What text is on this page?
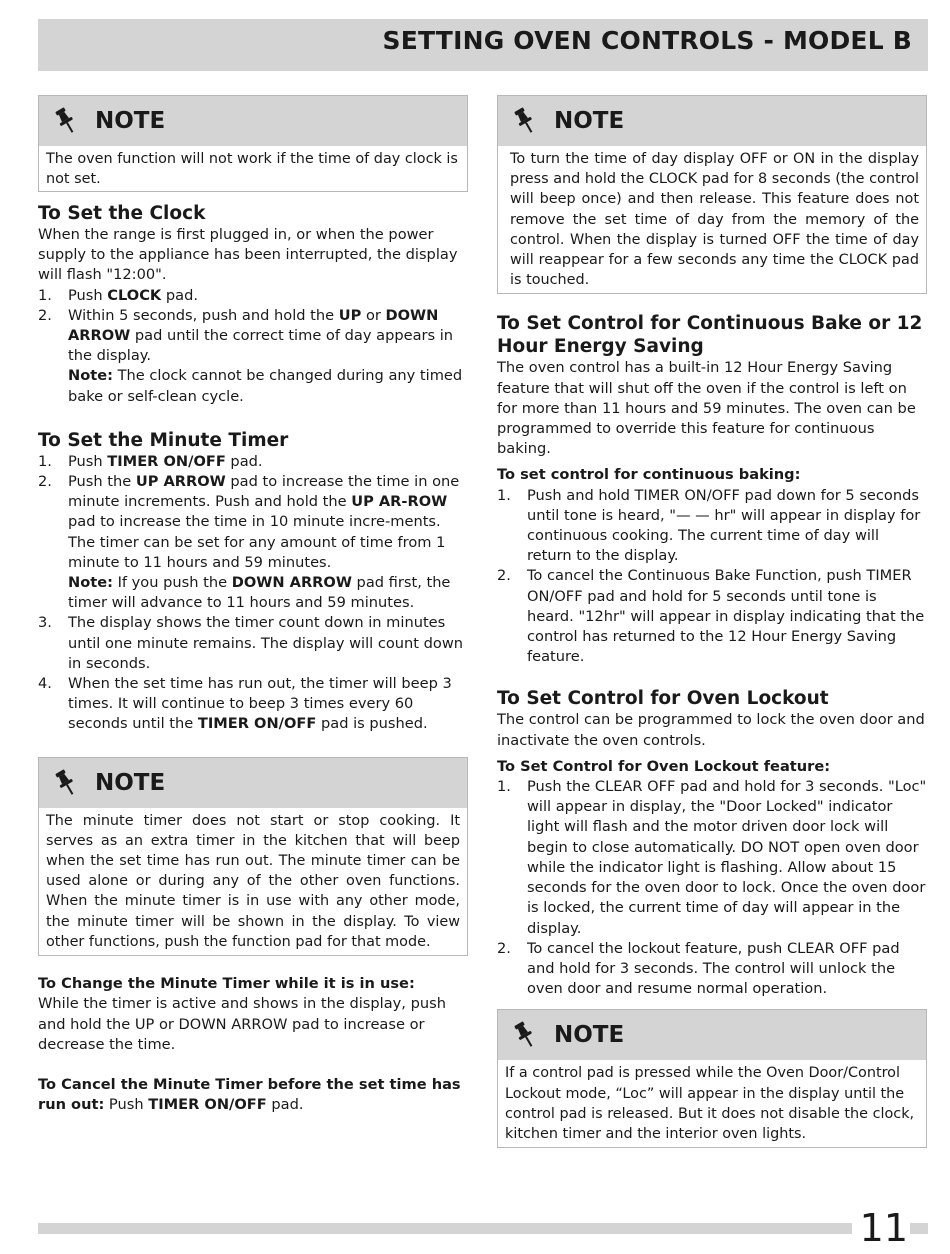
SETTING OVEN CONTROLS - MODEL B
NOTE
The oven function will not work if the time of day clock is not set.
To Set the Clock

When the range is first plugged in, or when the power supply to the appliance has been interrupted, the display will flash "12:00".

1. Push CLOCK pad.
2. Within 5 seconds, push and hold the UP or DOWN ARROW pad until the correct time of day appears in the display.
Note: The clock cannot be changed during any timed bake or self-clean cycle.
To Set the Minute Timer
1. Push TIMER ON/OFF pad.
2. Push the UP ARROW pad to increase the time in one minute increments. Push and hold the UP AR-ROW pad to increase the time in 10 minute incre-ments. The timer can be set for any amount of time from 1 minute to 11 hours and 59 minutes.
Note: If you push the DOWN ARROW pad first, the timer will advance to 11 hours and 59 minutes.
3. The display shows the timer count down in minutes until one minute remains. The display will count down in seconds.
4. When the set time has run out, the timer will beep 3 times. It will continue to beep 3 times every 60 seconds until the TIMER ON/OFF pad is pushed.
NOTE
The minute timer does not start or stop cooking. It serves as an extra timer in the kitchen that will beep when the set time has run out. The minute timer can be used alone or during any of the other oven functions. When the minute timer is in use with any other mode, the minute timer will be shown in the display. To view other functions, push the function pad for that mode.
To Change the Minute Timer while it is in use:

While the timer is active and shows in the display, push and hold the UP or DOWN ARROW pad to increase or decrease the time.

To Cancel the Minute Timer before the set time has run out: Push TIMER ON/OFF pad.

NOTE
To turn the time of day display OFF or ON in the display press and hold the CLOCK pad for 8 seconds (the control will beep once) and then release. This feature does not remove the set time of day from the memory of the control. When the display is turned OFF the time of day will reappear for a few seconds any time the CLOCK pad is touched.
To Set Control for Continuous Bake or 12 Hour Energy Saving

The oven control has a built-in 12 Hour Energy Saving feature that will shut off the oven if the control is left on for more than 11 hours and 59 minutes. The oven can be programmed to override this feature for continuous baking.

To set control for continuous baking:
1. Push and hold TIMER ON/OFF pad down for 5 seconds until tone is heard, "— — hr" will appear in display for continuous cooking. The current time of day will return to the display.
2. To cancel the Continuous Bake Function, push TIMER ON/OFF pad and hold for 5 seconds until tone is heard. "12hr" will appear in display indicating that the control has returned to the 12 Hour Energy Saving feature.
To Set Control for Oven Lockout

The control can be programmed to lock the oven door and inactivate the oven controls.

To Set Control for Oven Lockout feature:
1. Push the CLEAR OFF pad and hold for 3 seconds. "Loc" will appear in display, the "Door Locked" indicator light will flash and the motor driven door lock will begin to close automatically. DO NOT open oven door while the indicator light is flashing. Allow about 15 seconds for the oven door to lock. Once the oven door is locked, the current time of day will appear in the display.
2. To cancel the lockout feature, push CLEAR OFF pad and hold for 3 seconds. The control will unlock the oven door and resume normal operation.
NOTE
If a control pad is pressed while the Oven Door/Control Lockout mode, “Loc” will appear in the display until the control pad is released. But it does not disable the clock, kitchen timer and the interior oven lights.
11
